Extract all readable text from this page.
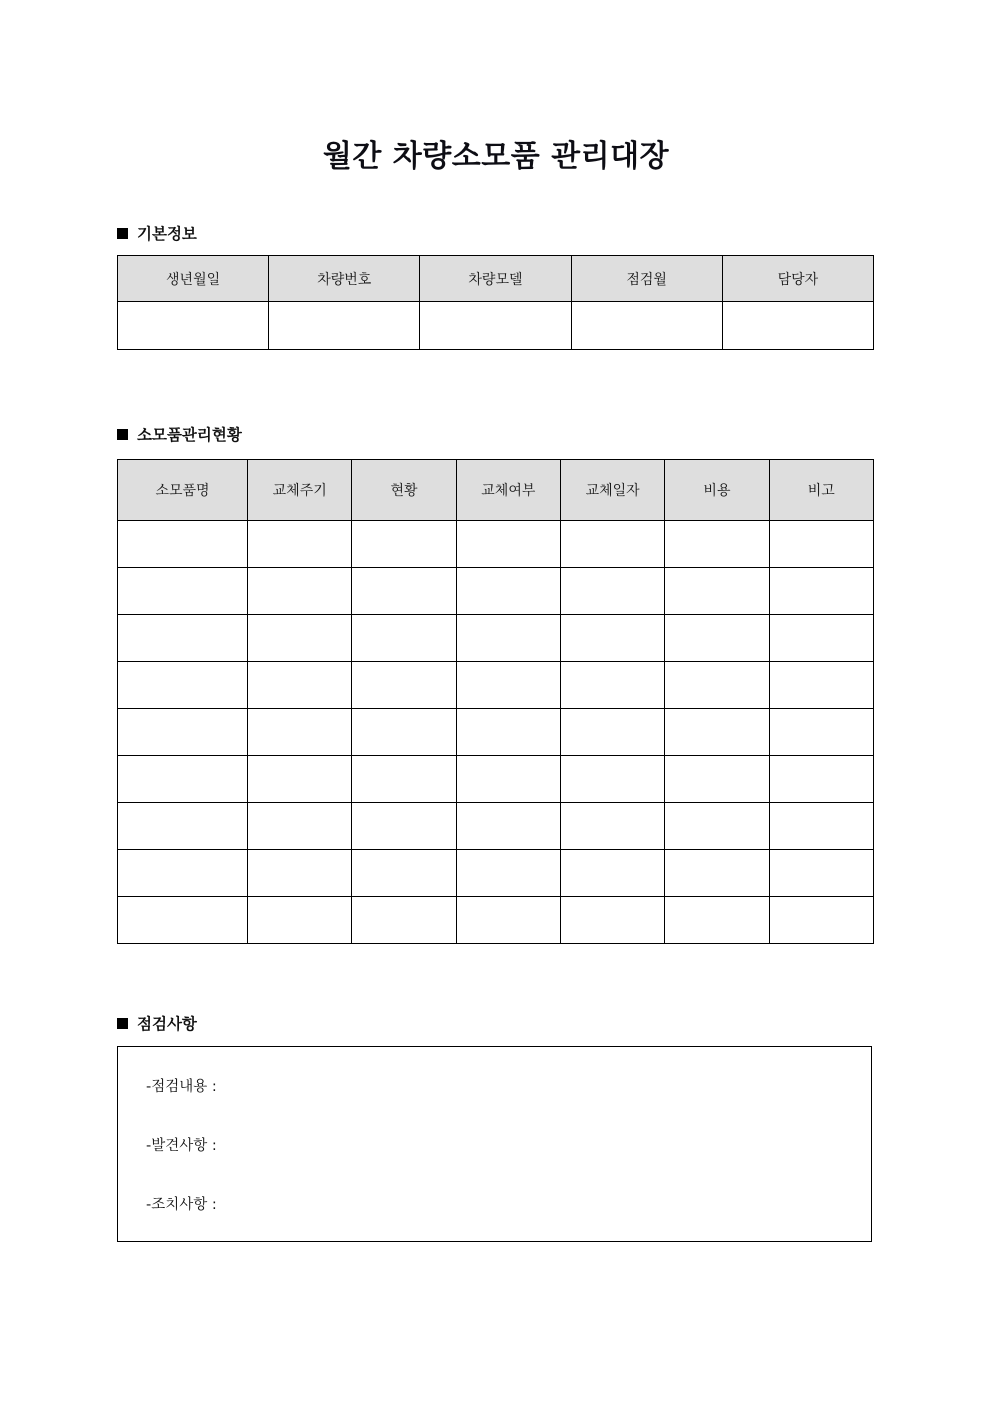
월간 차량소모품 관리대장
기본정보
생년월일	차량번호	차량모델	점검월	담당자

소모품관리현황
소모품명	교체주기	현황	교체여부	교체일자	비용	비고

점검사항
-점검내용 :
-발견사항 :
-조치사항 :
